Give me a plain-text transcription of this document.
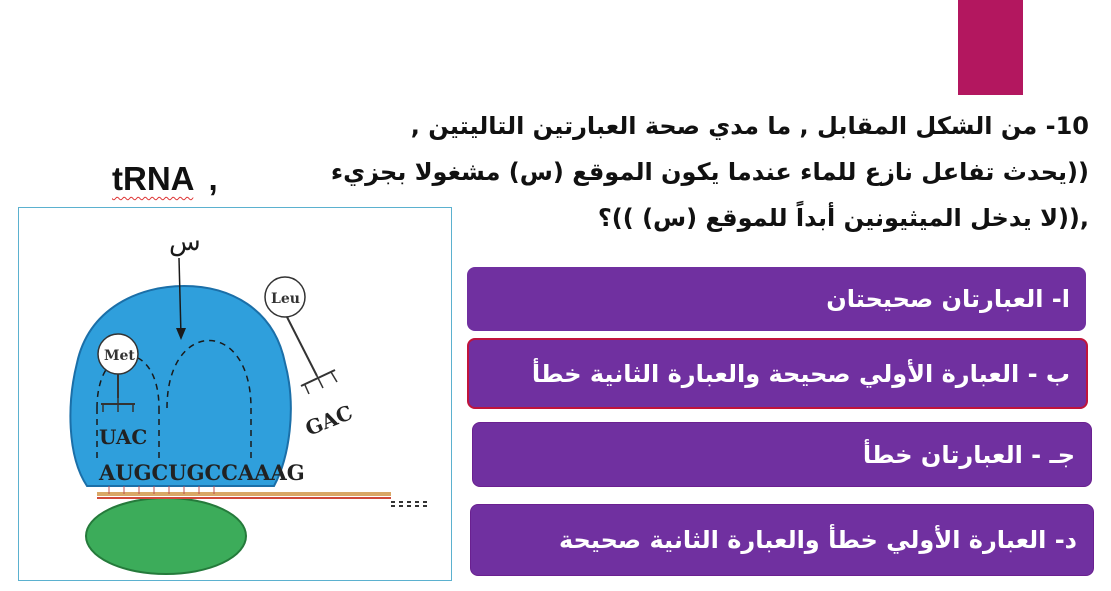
10- من الشكل المقابل , ما مدي صحة العبارتين التاليتين ,
((يحدث تفاعل نازع للماء عندما يكون الموقع (س) مشغولا بجزيء
,((لا يدخل الميثيونين أبداً للموقع (س) ))؟
tRNA ,
س
Met
Leu
UAC	GAC
AUGCUGCCAAAG
ا- العبارتان صحيحتان
ب - العبارة الأولي صحيحة والعبارة الثانية خطأ
جـ - العبارتان خطأ
د- العبارة الأولي خطأ والعبارة الثانية صحيحة
